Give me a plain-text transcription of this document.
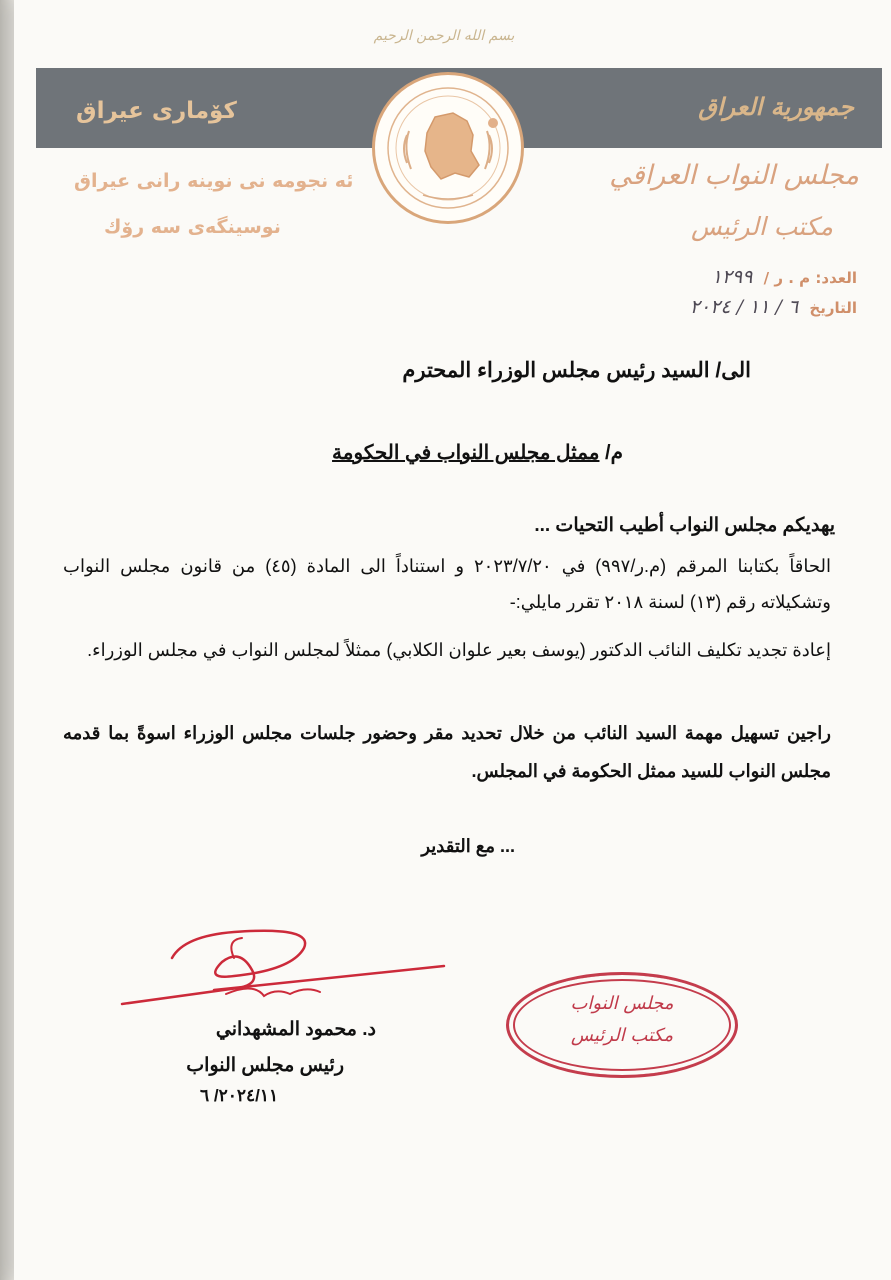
بسم الله الرحمن الرحيم
جمهورية العراق
كۆماری عیراق
مجلس النواب العراقي
مكتب الرئيس
ئه نجومه نی نوینه رانی عیراق
نوسینگه‌ی سه رۆك
العدد: م . ر / ١٢٩٩
التاريخ ٦ / ١١ / ٢٠٢٤
الى/ السيد رئيس مجلس الوزراء المحترم
م/ ممثل مجلس النواب في الحكومة
يهديكم مجلس النواب أطيب التحيات ...
الحاقاً بكتابنا المرقم (م.ر/٩٩٧) في ٢٠٢٣/٧/٢٠ و استناداً الى المادة (٤٥) من قانون مجلس النواب وتشكيلاته رقم (١٣) لسنة ٢٠١٨ تقرر مايلي:-
إعادة تجديد تكليف النائب الدكتور (يوسف بعير علوان الكلابي) ممثلاً لمجلس النواب في مجلس الوزراء.
راجين تسهيل مهمة السيد النائب من خلال تحديد مقر وحضور جلسات مجلس الوزراء اسوةً بما قدمه مجلس النواب للسيد ممثل الحكومة في المجلس.
... مع التقدير
د. محمود المشهداني
رئيس مجلس النواب
٢٠٢٤/١١/ ٦
مجلس النواب
مكتب الرئيس
